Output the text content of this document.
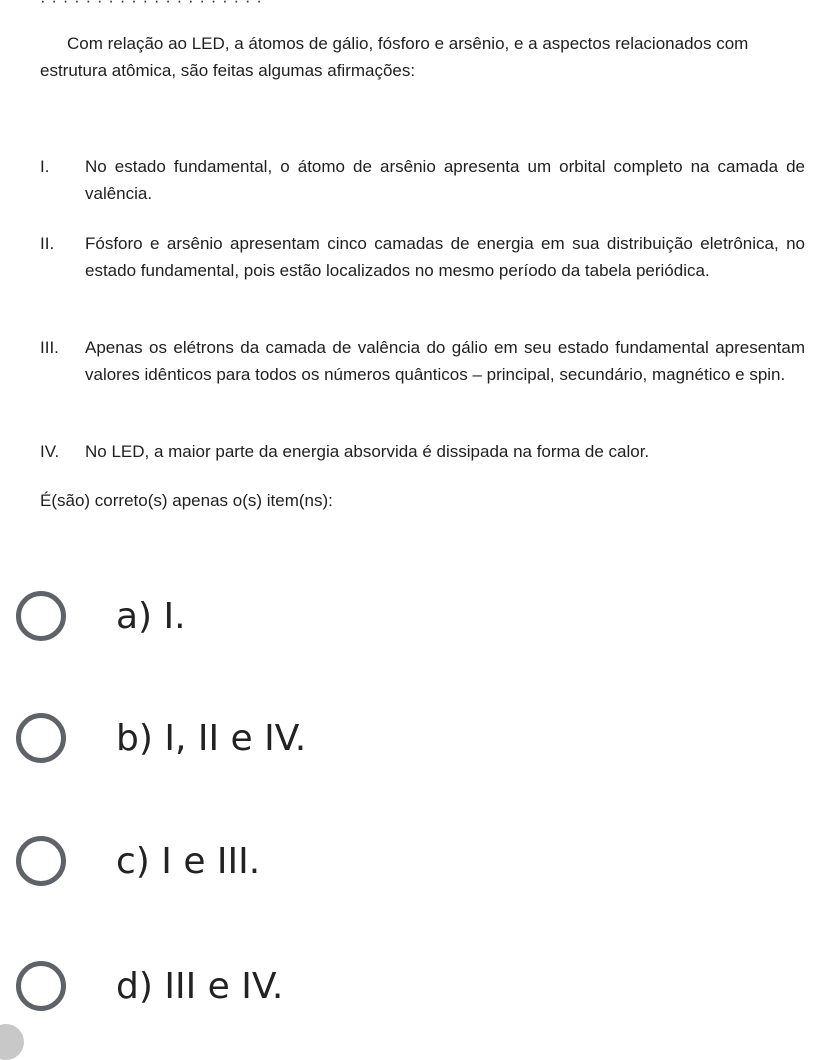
· · · · · · · · · · · · · · · · · · · ·

Com relação ao LED, a átomos de gálio, fósforo e arsênio, e a aspectos relacionados com estrutura atômica, são feitas algumas afirmações:

I.	No estado fundamental, o átomo de arsênio apresenta um orbital completo na camada de valência.
II.	Fósforo e arsênio apresentam cinco camadas de energia em sua distribuição eletrônica, no estado fundamental, pois estão localizados no mesmo período da tabela periódica.
III.	Apenas os elétrons da camada de valência do gálio em seu estado fundamental apresentam valores idênticos para todos os números quânticos – principal, secundário, magnético e spin.
IV.	No LED, a maior parte da energia absorvida é dissipada na forma de calor.
É(são) correto(s) apenas o(s) item(ns):
a) I.
b) I, II e IV.
c) I e III.
d) III e IV.
